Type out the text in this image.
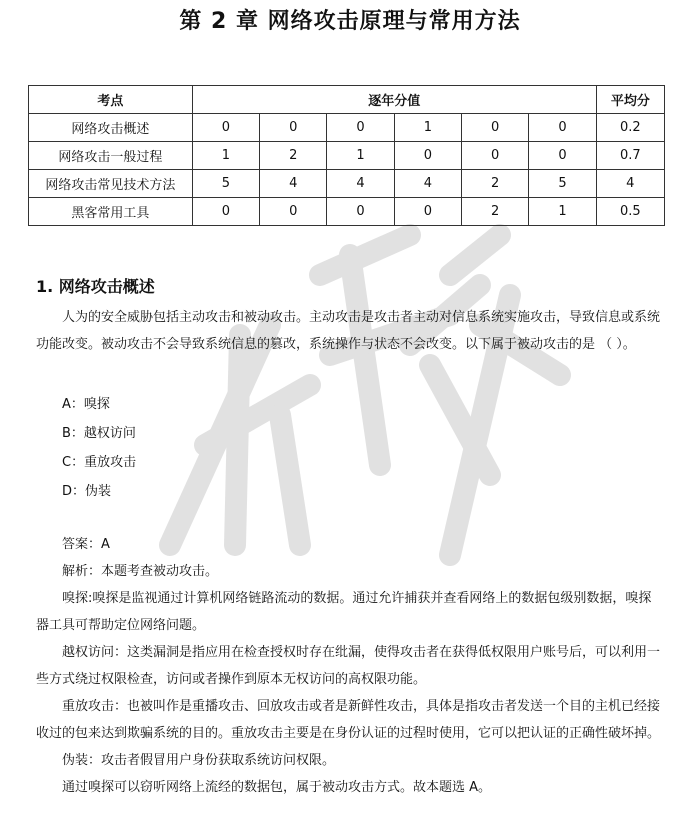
第 2 章 网络攻击原理与常用方法
考点	逐年分值						平均分
网络攻击概述	0	0	0	1	0	0	0.2
网络攻击一般过程	1	2	1	0	0	0	0.7
网络攻击常见技术方法	5	4	4	4	2	5	4
黑客常用工具	0	0	0	0	2	1	0.5
1. 网络攻击概述

人为的安全威胁包括主动攻击和被动攻击。主动攻击是攻击者主动对信息系统实施攻击，导致信息或系统功能改变。被动攻击不会导致系统信息的篡改，系统操作与状态不会改变。以下属于被动攻击的是 （ ）。

A：嗅探

B：越权访问

C：重放攻击

D：伪装

答案：A

解析：本题考查被动攻击。

嗅探:嗅探是监视通过计算机网络链路流动的数据。通过允许捕获并查看网络上的数据包级别数据，嗅探器工具可帮助定位网络问题。

越权访问：这类漏洞是指应用在检查授权时存在纰漏，使得攻击者在获得低权限用户账号后，可以利用一些方式绕过权限检查，访问或者操作到原本无权访问的高权限功能。

重放攻击：也被叫作是重播攻击、回放攻击或者是新鲜性攻击，具体是指攻击者发送一个目的主机已经接收过的包来达到欺骗系统的目的。重放攻击主要是在身份认证的过程时使用，它可以把认证的正确性破坏掉。

伪装：攻击者假冒用户身份获取系统访问权限。

通过嗅探可以窃听网络上流经的数据包，属于被动攻击方式。故本题选 A。
